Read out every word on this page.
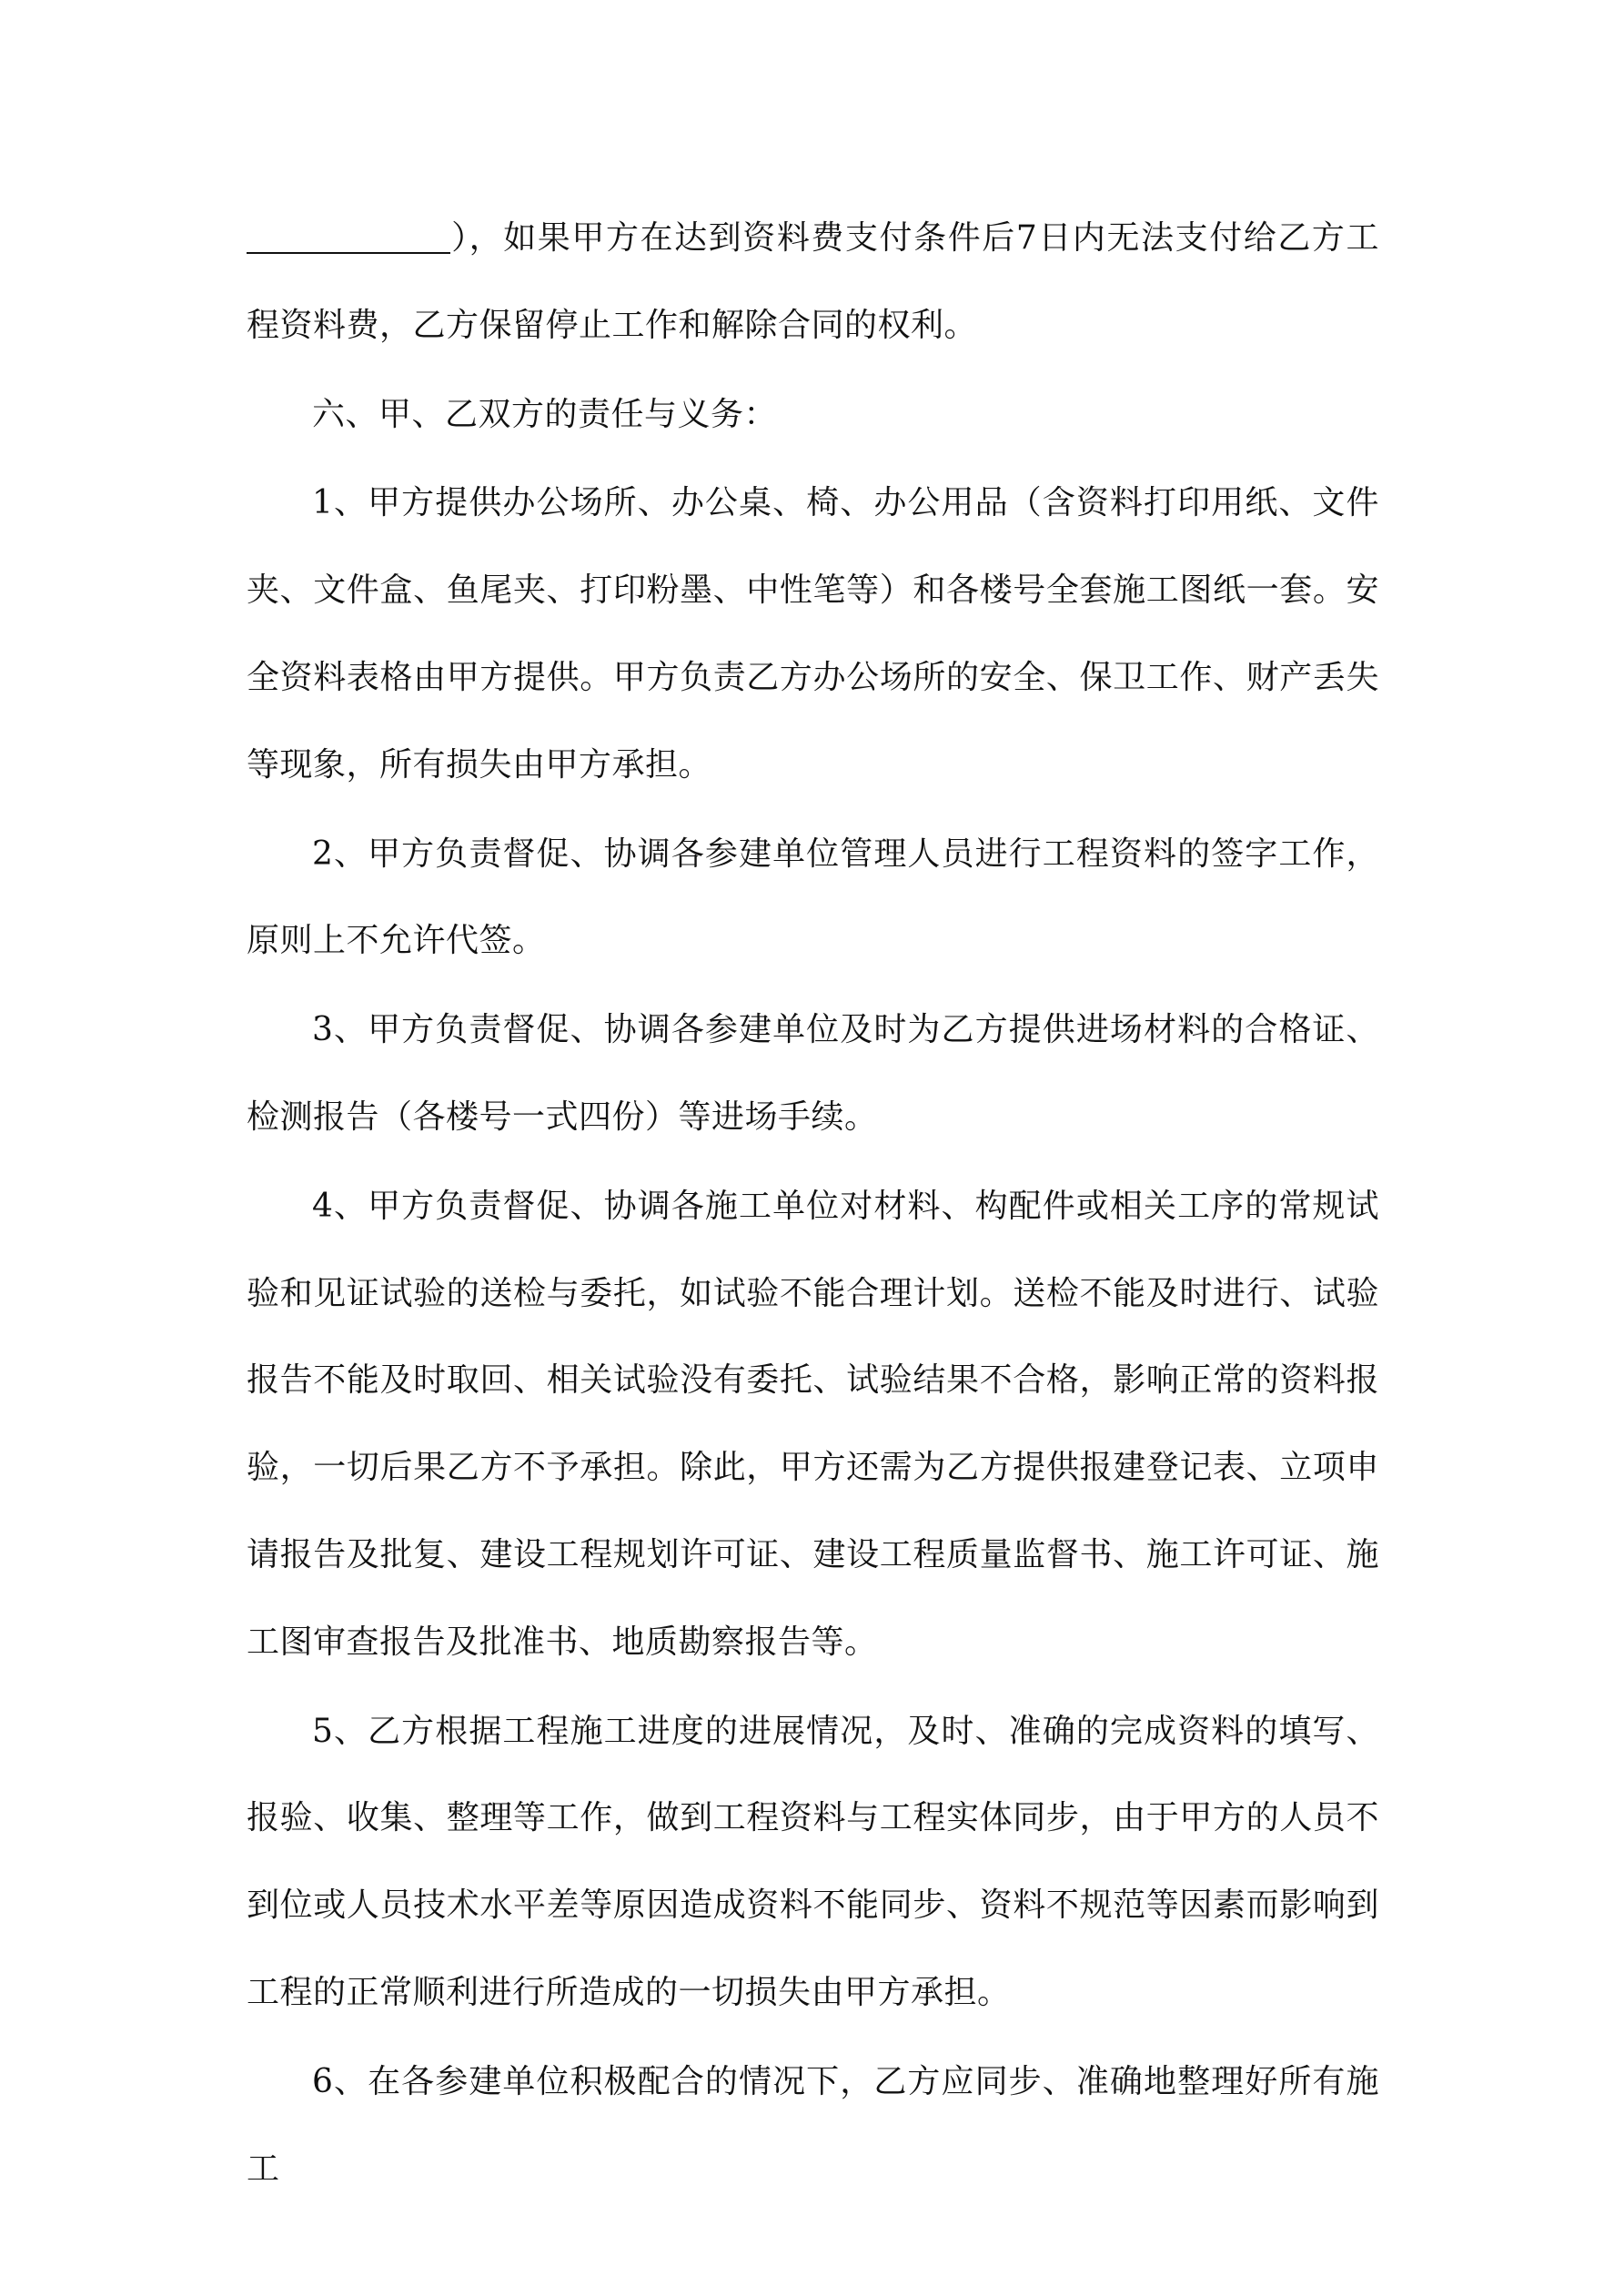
），如果甲方在达到资料费支付条件后7日内无法支付给乙方工程资料费，乙方保留停止工作和解除合同的权利。

六、甲、乙双方的责任与义务：

1、甲方提供办公场所、办公桌、椅、办公用品（含资料打印用纸、文件夹、文件盒、鱼尾夹、打印粉墨、中性笔等）和各楼号全套施工图纸一套。安全资料表格由甲方提供。甲方负责乙方办公场所的安全、保卫工作、财产丢失等现象，所有损失由甲方承担。

2、甲方负责督促、协调各参建单位管理人员进行工程资料的签字工作，原则上不允许代签。

3、甲方负责督促、协调各参建单位及时为乙方提供进场材料的合格证、检测报告（各楼号一式四份）等进场手续。

4、甲方负责督促、协调各施工单位对材料、构配件或相关工序的常规试验和见证试验的送检与委托，如试验不能合理计划。送检不能及时进行、试验报告不能及时取回、相关试验没有委托、试验结果不合格，影响正常的资料报验，一切后果乙方不予承担。除此，甲方还需为乙方提供报建登记表、立项申请报告及批复、建设工程规划许可证、建设工程质量监督书、施工许可证、施工图审查报告及批准书、地质勘察报告等。

5、乙方根据工程施工进度的进展情况，及时、准确的完成资料的填写、报验、收集、整理等工作，做到工程资料与工程实体同步，由于甲方的人员不到位或人员技术水平差等原因造成资料不能同步、资料不规范等因素而影响到工程的正常顺利进行所造成的一切损失由甲方承担。

6、在各参建单位积极配合的情况下，乙方应同步、准确地整理好所有施工
